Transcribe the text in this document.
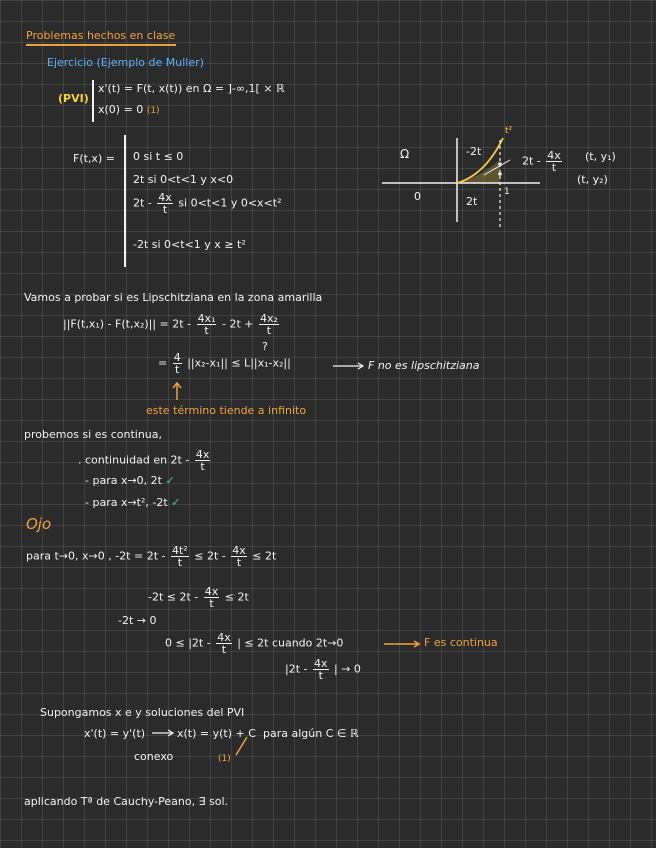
Problemas hechos en clase
Ejercicio (Ejemplo de Muller)
(PVI)
x'(t) = F(t, x(t)) en Ω = ]-∞,1[ × ℝ
x(0) = 0 (1)
F(t,x) = 0 si t ≤ 0
2t si 0<t<1 y x<0
$2t - \frac{4x}{t}$ si 0<t<1 y 0<x<t²
-2t si 0<t<1 y x ≥ t²
Ω
t²
-2t
0	2t
1
$2t - \frac{4x}{t} (t$, y₁)
(t, y₂)
Vamos a probar si es Lipschitziana en la zona amarilla
$||F(t,x_1) - F(t,x_2)|| = 2t - \frac{\text{4x₁}}{t} - 2t + \frac{\text{4x₂}}{t}$
?
= $\frac{4}{t} ||x_2-x_1|| \le L||x_1-x_2||$	F no es lipschitziana
este término tiende a infinito
probemos si es continua,
. continuidad en $2t - \frac{4x}{t}$
- para x→0, 2t ✓
- para x→t², -2t ✓
Ojo
para t→0, x→0 , $-2t = 2t - \frac{\text{4t²}}{t} \le 2t - \frac{4x}{t} \le 2t$
$-2t \le 2t - \frac{4x}{t} \le 2t$
-2t → 0
$0 \le |2t - \frac{4x}{t}$ | ≤ 2t cuando 2t→0	F es continua
$|2t - \frac{4x}{t}$ | → 0
Supongamos x e y soluciones del PVI
x'(t) = y'(t)	x(t) = y(t) + C para algún C ∈ ℝ
conexo	(1)
aplicando Tª de Cauchy-Peano, ∃ sol.
